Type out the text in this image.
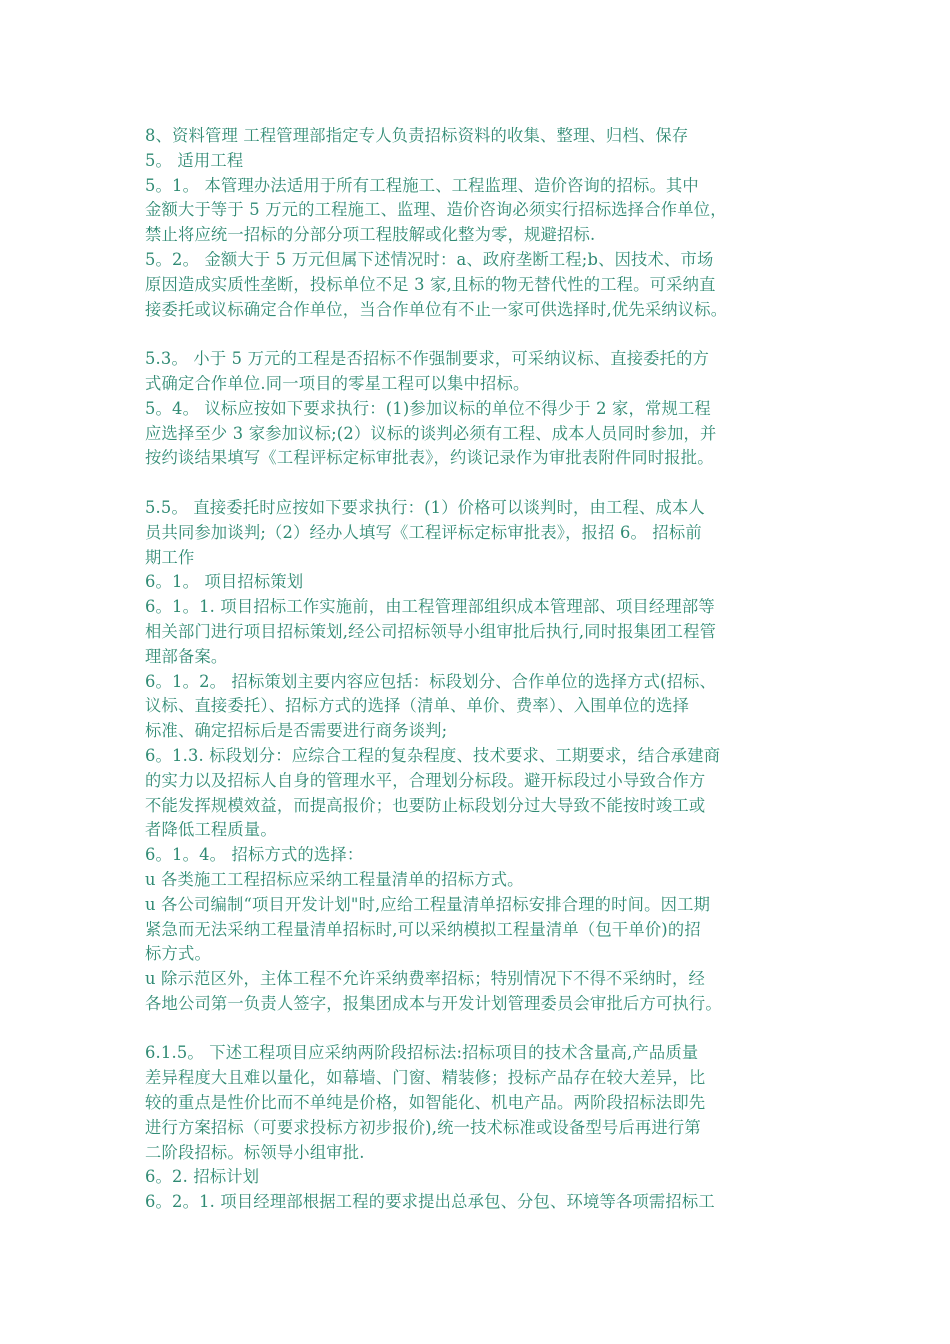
8、资料管理 工程管理部指定专人负责招标资料的收集、整理、归档、保存
5。 适用工程
5。1。 本管理办法适用于所有工程施工、工程监理、造价咨询的招标。其中
金额大于等于 5 万元的工程施工、监理、造价咨询必须实行招标选择合作单位，
禁止将应统一招标的分部分项工程肢解或化整为零，规避招标.
5。2。 金额大于 5 万元但属下述情况时：a、政府垄断工程;b、因技术、市场
原因造成实质性垄断，投标单位不足 3 家,且标的物无替代性的工程。可采纳直
接委托或议标确定合作单位，当合作单位有不止一家可供选择时,优先采纳议标。
5.3。 小于 5 万元的工程是否招标不作强制要求，可采纳议标、直接委托的方
式确定合作单位.同一项目的零星工程可以集中招标。
5。4。 议标应按如下要求执行：(1)参加议标的单位不得少于 2 家，常规工程
应选择至少 3 家参加议标;(2）议标的谈判必须有工程、成本人员同时参加，并
按约谈结果填写《工程评标定标审批表》，约谈记录作为审批表附件同时报批。
5.5。 直接委托时应按如下要求执行：(1）价格可以谈判时，由工程、成本人
员共同参加谈判;（2）经办人填写《工程评标定标审批表》，报招 6。 招标前
期工作
6。1。 项目招标策划
6。1。1. 项目招标工作实施前，由工程管理部组织成本管理部、项目经理部等
相关部门进行项目招标策划,经公司招标领导小组审批后执行,同时报集团工程管
理部备案。
6。1。2。 招标策划主要内容应包括：标段划分、合作单位的选择方式(招标、
议标、直接委托）、招标方式的选择（清单、单价、费率）、入围单位的选择
标准、确定招标后是否需要进行商务谈判;
6。1.3. 标段划分：应综合工程的复杂程度、技术要求、工期要求，结合承建商
的实力以及招标人自身的管理水平，合理划分标段。避开标段过小导致合作方
不能发挥规模效益，而提高报价；也要防止标段划分过大导致不能按时竣工或
者降低工程质量。
6。1。4。 招标方式的选择：
u 各类施工工程招标应采纳工程量清单的招标方式。
u 各公司编制“项目开发计划"时,应给工程量清单招标安排合理的时间。因工期
紧急而无法采纳工程量清单招标时,可以采纳模拟工程量清单（包干单价)的招
标方式。
u 除示范区外，主体工程不允许采纳费率招标；特别情况下不得不采纳时，经
各地公司第一负责人签字，报集团成本与开发计划管理委员会审批后方可执行。
6.1.5。 下述工程项目应采纳两阶段招标法:招标项目的技术含量高,产品质量
差异程度大且难以量化，如幕墙、门窗、精装修；投标产品存在较大差异，比
较的重点是性价比而不单纯是价格，如智能化、机电产品。两阶段招标法即先
进行方案招标（可要求投标方初步报价),统一技术标准或设备型号后再进行第
二阶段招标。标领导小组审批.
6。2. 招标计划
6。2。1. 项目经理部根据工程的要求提出总承包、分包、环境等各项需招标工
